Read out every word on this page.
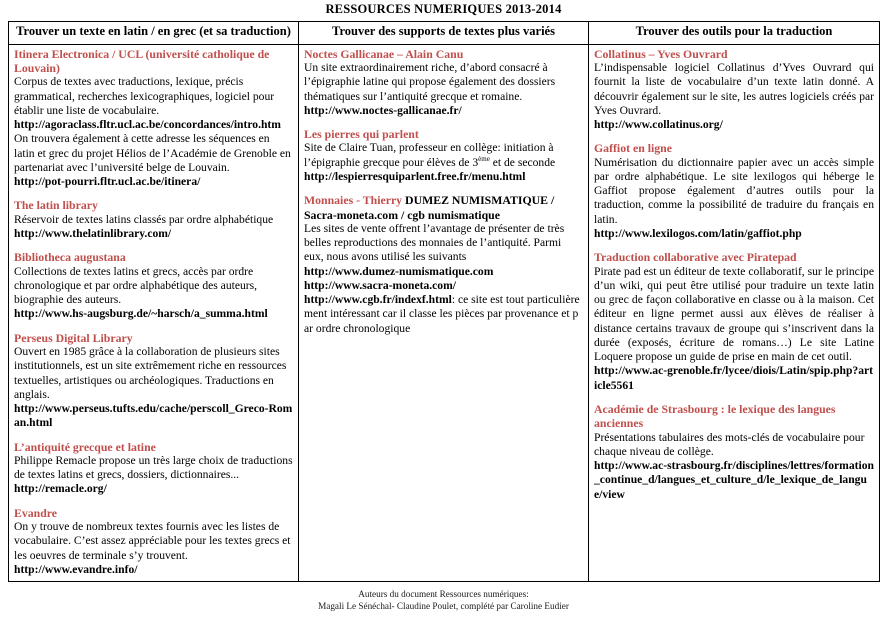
RESSOURCES NUMERIQUES 2013-2014
Trouver un texte en latin / en grec (et sa traduction)	Trouver des supports de textes plus variés	Trouver des outils pour la traduction

Itinera Electronica / UCL (université catholique de Louvain)
Corpus de textes avec traductions, lexique, précis grammatical, recherches lexicographiques, logiciel pour établir une liste de vocabulaire.
http://agoraclass.fltr.ucl.ac.be/concordances/intro.htm
On trouvera également à cette adresse les séquences en latin et grec du projet Hélios de l’Académie de Grenoble en partenariat avec l’université belge de Louvain.
http://pot-pourri.fltr.ucl.ac.be/itinera/
The latin library
Réservoir de textes latins classés par ordre alphabétique
http://www.thelatinlibrary.com/
Bibliotheca augustana
Collections de textes latins et grecs, accès par ordre chronologique et par ordre alphabétique des auteurs, biographie des auteurs.
http://www.hs-augsburg.de/~harsch/a_summa.html
Perseus Digital Library
Ouvert en 1985 grâce à la collaboration de plusieurs sites institutionnels, est un site extrêmement riche en ressources textuelles, artistiques ou archéologiques. Traductions en anglais.
http://www.perseus.tufts.edu/cache/perscoll_Greco-Roman.html
L’antiquité grecque et latine
Philippe Remacle propose un très large choix de traductions de textes latins et grecs, dossiers, dictionnaires...
http://remacle.org/
Evandre
On y trouve de nombreux textes fournis avec les listes de vocabulaire. C’est assez appréciable pour les textes grecs et les oeuvres de terminale s’y trouvent.
http://www.evandre.info/

Noctes Gallicanae – Alain Canu
Un site extraordinairement riche, d’abord consacré à l’épigraphie latine qui propose également des dossiers thématiques sur l’antiquité grecque et romaine.
http://www.noctes-gallicanae.fr/
Les pierres qui parlent
Site de Claire Tuan, professeur en collège: initiation à l’épigraphie grecque pour élèves de 3ème et de seconde
http://lespierresquiparlent.free.fr/menu.html
Monnaies - Thierry DUMEZ NUMISMATIQUE / Sacra-moneta.com / cgb numismatique
Les sites de vente offrent l’avantage de présenter de très belles reproductions des monnaies de l’antiquité. Parmi eux, nous avons utilisé les suivants
http://www.dumez-numismatique.com
http://www.sacra-moneta.com/
http://www.cgb.fr/indexf.html: ce site est tout particulièrement intéressant car il classe les pièces par provenance et par ordre chronologique

Collatinus – Yves Ouvrard
L’indispensable logiciel Collatinus d’Yves Ouvrard qui fournit la liste de vocabulaire d’un texte latin donné. A découvrir également sur le site, les autres logiciels créés par Yves Ouvrard.
http://www.collatinus.org/
Gaffiot en ligne
Numérisation du dictionnaire papier avec un accès simple par ordre alphabétique. Le site lexilogos qui héberge le Gaffiot propose également d’autres outils pour la traduction, comme la possibilité de traduire du français en latin.
http://www.lexilogos.com/latin/gaffiot.php
Traduction collaborative avec Piratepad
Pirate pad est un éditeur de texte collaboratif, sur le principe d’un wiki, qui peut être utilisé pour traduire un texte latin ou grec de façon collaborative en classe ou à la maison. Cet éditeur en ligne permet aussi aux élèves de réaliser à distance certains travaux de groupe qui s’inscrivent dans la durée (exposés, écriture de romans…) Le site Latine Loquere propose un guide de prise en main de cet outil.
http://www.ac-grenoble.fr/lycee/diois/Latin/spip.php?article5561
Académie de Strasbourg : le lexique des langues anciennes
Présentations tabulaires des mots-clés de vocabulaire pour chaque niveau de collège.
http://www.ac-strasbourg.fr/disciplines/lettres/formation_continue_d/langues_et_culture_d/le_lexique_de_langue/view
Auteurs du document Ressources numériques:
Magali Le Sénéchal- Claudine Poulet, complété par Caroline Eudier
